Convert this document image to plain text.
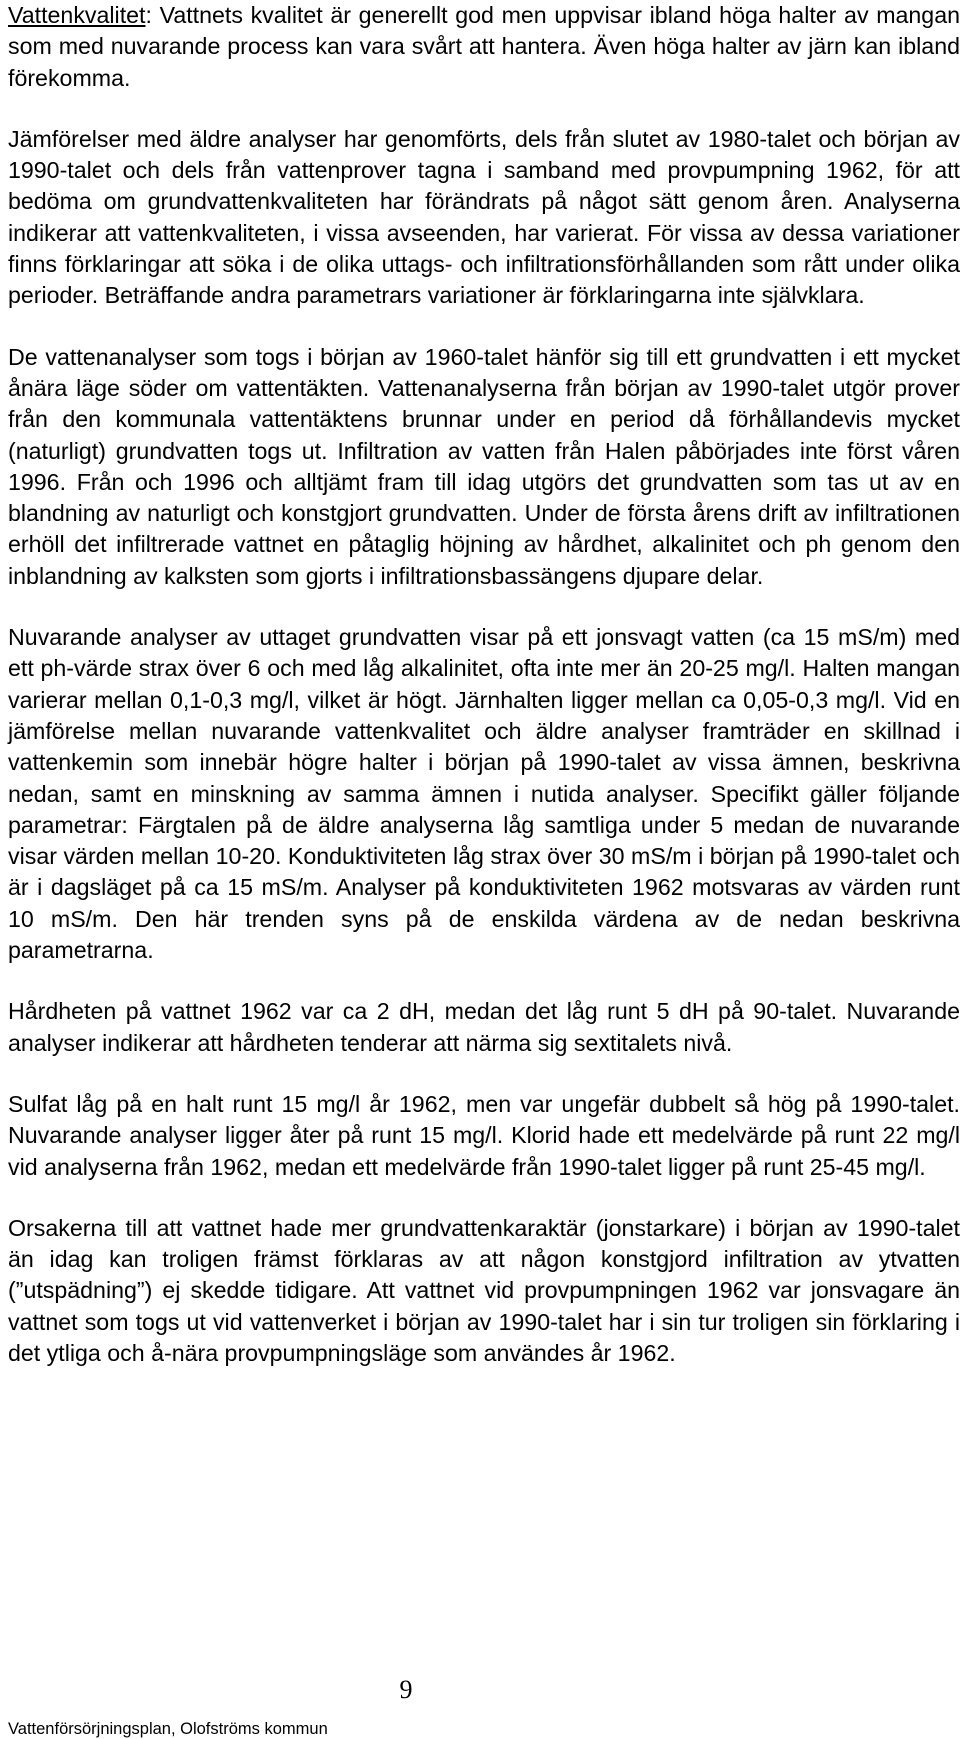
Vattenkvalitet: Vattnets kvalitet är generellt god men uppvisar ibland höga halter av mangan som med nuvarande process kan vara svårt att hantera. Även höga halter av järn kan ibland förekomma.

Jämförelser med äldre analyser har genomförts, dels från slutet av 1980-talet och början av 1990-talet och dels från vattenprover tagna i samband med provpumpning 1962, för att bedöma om grundvattenkvaliteten har förändrats på något sätt genom åren. Analyserna indikerar att vattenkvaliteten, i vissa avseenden, har varierat. För vissa av dessa variationer finns förklaringar att söka i de olika uttags- och infiltrationsförhållanden som rått under olika perioder. Beträffande andra parametrars variationer är förklaringarna inte självklara.

De vattenanalyser som togs i början av 1960-talet hänför sig till ett grundvatten i ett mycket ånära läge söder om vattentäkten. Vattenanalyserna från början av 1990-talet utgör prover från den kommunala vattentäktens brunnar under en period då förhållandevis mycket (naturligt) grundvatten togs ut. Infiltration av vatten från Halen påbörjades inte först våren 1996. Från och 1996 och alltjämt fram till idag utgörs det grundvatten som tas ut av en blandning av naturligt och konstgjort grundvatten. Under de första årens drift av infiltrationen erhöll det infiltrerade vattnet en påtaglig höjning av hårdhet, alkalinitet och ph genom den inblandning av kalksten som gjorts i infiltrationsbassängens djupare delar.

Nuvarande analyser av uttaget grundvatten visar på ett jonsvagt vatten (ca 15 mS/m) med ett ph-värde strax över 6 och med låg alkalinitet, ofta inte mer än 20-25 mg/l. Halten mangan varierar mellan 0,1-0,3 mg/l, vilket är högt. Järnhalten ligger mellan ca 0,05-0,3 mg/l. Vid en jämförelse mellan nuvarande vattenkvalitet och äldre analyser framträder en skillnad i vattenkemin som innebär högre halter i början på 1990-talet av vissa ämnen, beskrivna nedan, samt en minskning av samma ämnen i nutida analyser. Specifikt gäller följande parametrar: Färgtalen på de äldre analyserna låg samtliga under 5 medan de nuvarande visar värden mellan 10-20. Konduktiviteten låg strax över 30 mS/m i början på 1990-talet och är i dagsläget på ca 15 mS/m. Analyser på konduktiviteten 1962 motsvaras av värden runt 10 mS/m. Den här trenden syns på de enskilda värdena av de nedan beskrivna parametrarna.

Hårdheten på vattnet 1962 var ca 2 dH, medan det låg runt 5 dH på 90-talet. Nuvarande analyser indikerar att hårdheten tenderar att närma sig sextitalets nivå.

Sulfat låg på en halt runt 15 mg/l år 1962, men var ungefär dubbelt så hög på 1990-talet. Nuvarande analyser ligger åter på runt 15 mg/l. Klorid hade ett medelvärde på runt 22 mg/l vid analyserna från 1962, medan ett medelvärde från 1990-talet ligger på runt 25-45 mg/l.

Orsakerna till att vattnet hade mer grundvattenkaraktär (jonstarkare) i början av 1990-talet än idag kan troligen främst förklaras av att någon konstgjord infiltration av ytvatten (”utspädning”) ej skedde tidigare. Att vattnet vid provpumpningen 1962 var jonsvagare än vattnet som togs ut vid vattenverket i början av 1990-talet har i sin tur troligen sin förklaring i det ytliga och å-nära provpumpningsläge som användes år 1962.

9
Vattenförsörjningsplan, Olofströms kommun
